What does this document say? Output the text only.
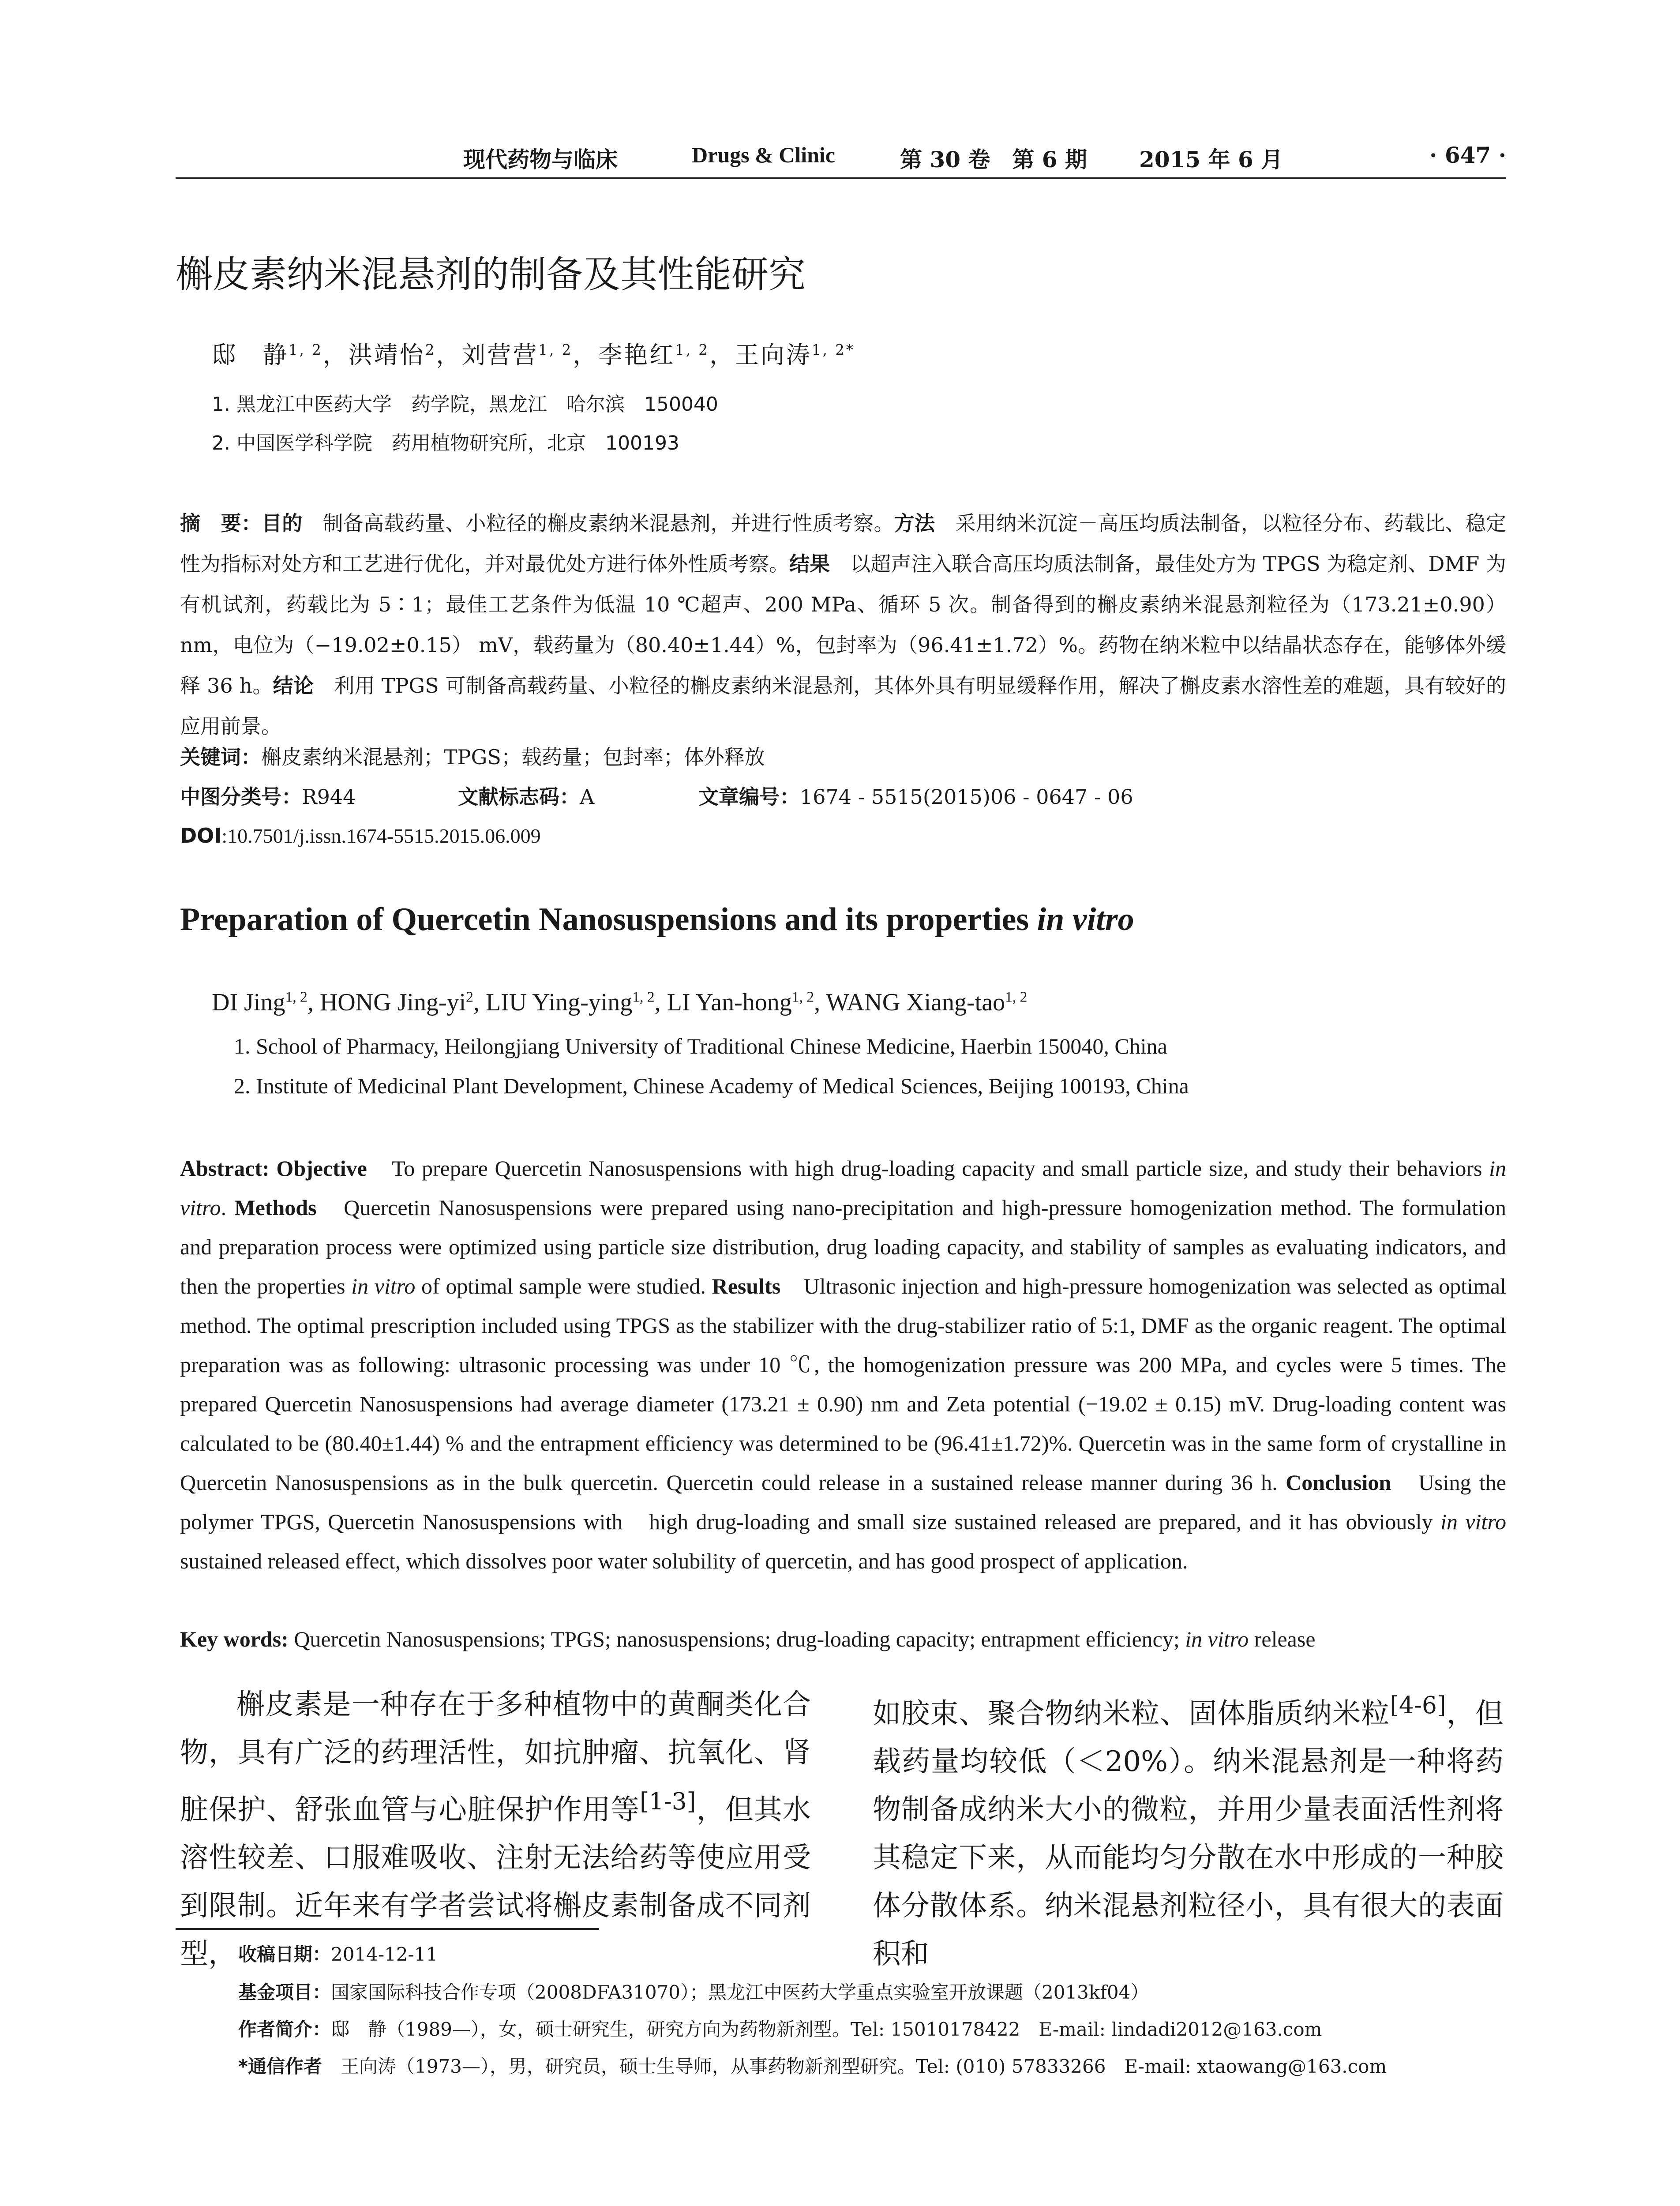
现代药物与临床	Drugs & Clinic	第 30 卷　第 6 期 2015 年 6 月	· 647 ·
槲皮素纳米混悬剂的制备及其性能研究
邸　静$^{1, 2}$，洪靖怡$^2$，刘营营$^{1, 2}$，李艳红$^{1, 2}$，王向涛$^{1, 2*}$
1. 黑龙江中医药大学　药学院，黑龙江　哈尔滨　150040
2. 中国医学科学院　药用植物研究所，北京　100193
摘　要：目的　制备高载药量、小粒径的槲皮素纳米混悬剂，并进行性质考察。方法　采用纳米沉淀－高压均质法制备，以粒径分布、药载比、稳定性为指标对处方和工艺进行优化，并对最优处方进行体外性质考察。结果　以超声注入联合高压均质法制备，最佳处方为 TPGS 为稳定剂、DMF 为有机试剂，药载比为 5∶1；最佳工艺条件为低温 10 ℃超声、200 MPa、循环 5 次。制备得到的槲皮素纳米混悬剂粒径为（173.21±0.90） nm，电位为（−19.02±0.15） mV，载药量为（80.40±1.44）%，包封率为（96.41±1.72）%。药物在纳米粒中以结晶状态存在，能够体外缓释 36 h。结论　利用 TPGS 可制备高载药量、小粒径的槲皮素纳米混悬剂，其体外具有明显缓释作用，解决了槲皮素水溶性差的难题，具有较好的应用前景。
关键词：槲皮素纳米混悬剂；TPGS；载药量；包封率；体外释放
中图分类号：R944	文献标志码：A	文章编号：1674 - 5515(2015)06 - 0647 - 06
DOI:10.7501/j.issn.1674-5515.2015.06.009
Preparation of Quercetin Nanosuspensions and its properties in vitro
DI Jing$^{1, 2}$, HONG Jing-$yi^2$, LIU Ying-ying$^{1, 2}$, LI Yan-hong$^{1, 2}$, WANG Xiang-tao$^{1, 2}$
1. School of Pharmacy, Heilongjiang University of Traditional Chinese Medicine, Haerbin 150040, China
2. Institute of Medicinal Plant Development, Chinese Academy of Medical Sciences, Beijing 100193, China
Abstract: Objective　To prepare Quercetin Nanosuspensions with high drug-loading capacity and small particle size, and study their behaviors in vitro. Methods　Quercetin Nanosuspensions were prepared using nano-precipitation and high-pressure homogenization method. The formulation and preparation process were optimized using particle size distribution, drug loading capacity, and stability of samples as evaluating indicators, and then the properties in vitro of optimal sample were studied. Results　Ultrasonic injection and high-pressure homogenization was selected as optimal method. The optimal prescription included using TPGS as the stabilizer with the drug-stabilizer ratio of 5:1, DMF as the organic reagent. The optimal preparation was as following: ultrasonic processing was under 10 ℃, the homogenization pressure was 200 MPa, and cycles were 5 times. The prepared Quercetin Nanosuspensions had average diameter (173.21 ± 0.90) nm and Zeta potential (−19.02 ± 0.15) mV. Drug-loading content was calculated to be (80.40±1.44) % and the entrapment efficiency was determined to be (96.41±1.72)%. Quercetin was in the same form of crystalline in Quercetin Nanosuspensions as in the bulk quercetin. Quercetin could release in a sustained release manner during 36 h. Conclusion　Using the polymer TPGS, Quercetin Nanosuspensions with　high drug-loading and small size sustained released are prepared, and it has obviously in vitro sustained released effect, which dissolves poor water solubility of quercetin, and has good prospect of application.
Key words: Quercetin Nanosuspensions; TPGS; nanosuspensions; drug-loading capacity; entrapment efficiency; in vitro release
槲皮素是一种存在于多种植物中的黄酮类化合物，具有广泛的药理活性，如抗肿瘤、抗氧化、肾脏保护、舒张血管与心脏保护作用等[1-3]，但其水溶性较差、口服难吸收、注射无法给药等使应用受到限制。近年来有学者尝试将槲皮素制备成不同剂型，
如胶束、聚合物纳米粒、固体脂质纳米粒[4-6]，但载药量均较低（＜20%）。纳米混悬剂是一种将药物制备成纳米大小的微粒，并用少量表面活性剂将其稳定下来，从而能均匀分散在水中形成的一种胶体分散体系。纳米混悬剂粒径小，具有很大的表面积和
收稿日期：2014-12-11
基金项目：国家国际科技合作专项（2008DFA31070）；黑龙江中医药大学重点实验室开放课题（2013kf04）
作者简介：邸　静（1989—），女，硕士研究生，研究方向为药物新剂型。Tel: 15010178422　E-mail: lindadi2012@163.com
*通信作者　王向涛（1973—），男，研究员，硕士生导师，从事药物新剂型研究。Tel: (010) 57833266　E-mail: xtaowang@163.com
